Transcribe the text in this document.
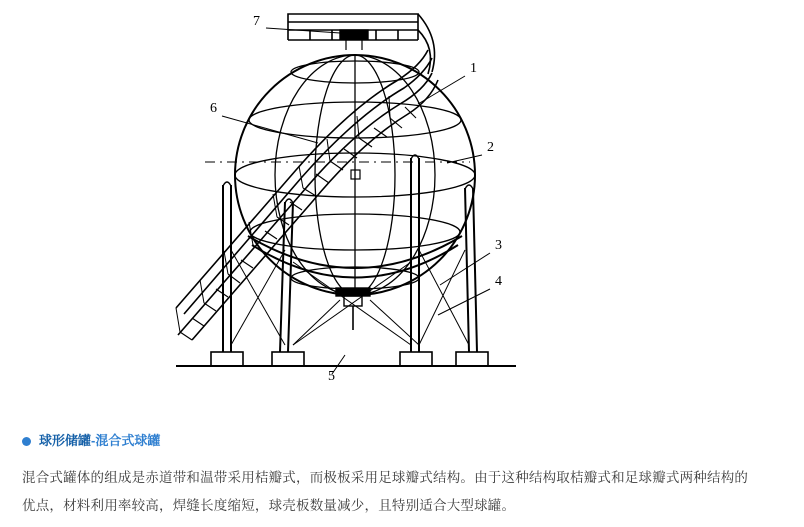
1
2
3
4
5
6
7
球形储罐 -混合式球罐
混合式罐体的组成是赤道带和温带采用桔瓣式，而极板采用足球瓣式结构。由于这种结构取桔瓣式和足球瓣式两种结构的优点，材料利用率较高，焊缝长度缩短，球壳板数量减少，且特别适合大型球罐。
